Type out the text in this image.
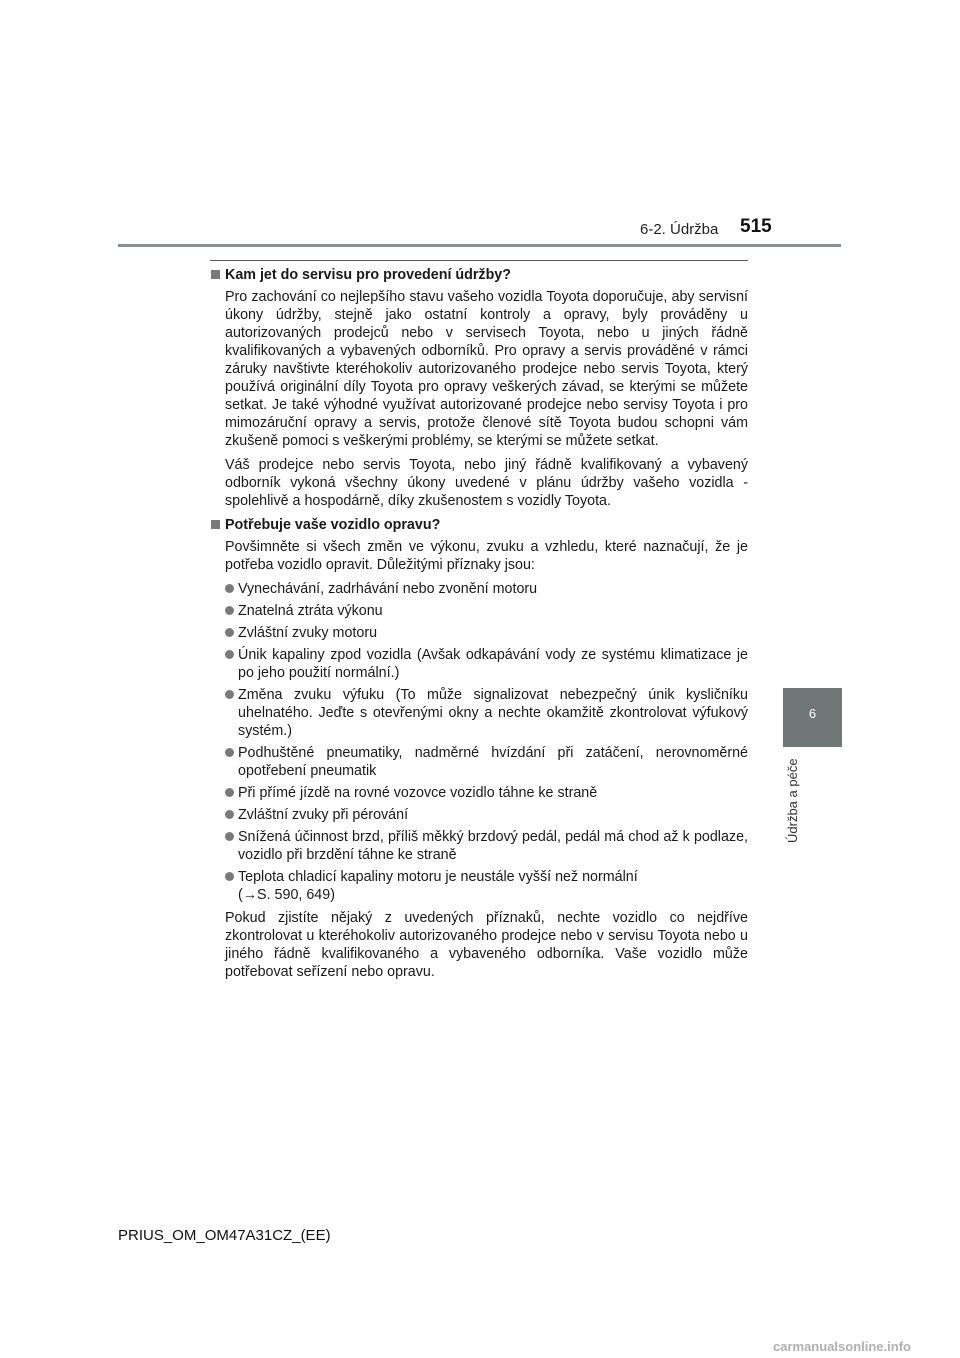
6-2. Údržba 515
6
Údržba a péče
Kam jet do servisu pro provedení údržby?

Pro zachování co nejlepšího stavu vašeho vozidla Toyota doporučuje, aby servisní úkony údržby, stejně jako ostatní kontroly a opravy, byly prováděny u autorizovaných prodejců nebo v servisech Toyota, nebo u jiných řádně kvalifikovaných a vybavených odborníků. Pro opravy a servis prováděné v rámci záruky navštivte kteréhokoliv autorizovaného prodejce nebo servis Toyota, který používá originální díly Toyota pro opravy veškerých závad, se kterými se můžete setkat. Je také výhodné využívat autorizované prodejce nebo servisy Toyota i pro mimozáruční opravy a servis, protože členové sítě Toyota budou schopni vám zkušeně pomoci s veškerými problémy, se kterými se můžete setkat.

Váš prodejce nebo servis Toyota, nebo jiný řádně kvalifikovaný a vybavený odborník vykoná všechny úkony uvedené v plánu údržby vašeho vozidla - spolehlivě a hospodárně, díky zkušenostem s vozidly Toyota.

Potřebuje vaše vozidlo opravu?

Povšimněte si všech změn ve výkonu, zvuku a vzhledu, které naznačují, že je potřeba vozidlo opravit. Důležitými příznaky jsou:

Vynechávání, zadrhávání nebo zvonění motoru
Znatelná ztráta výkonu
Zvláštní zvuky motoru
Únik kapaliny zpod vozidla (Avšak odkapávání vody ze systému klimatizace je po jeho použití normální.)
Změna zvuku výfuku (To může signalizovat nebezpečný únik kysličníku uhelnatého. Jeďte s otevřenými okny a nechte okamžitě zkontrolovat výfukový systém.)
Podhuštěné pneumatiky, nadměrné hvízdání při zatáčení, nerovnoměrné opotřebení pneumatik
Při přímé jízdě na rovné vozovce vozidlo táhne ke straně
Zvláštní zvuky při pérování
Snížená účinnost brzd, příliš měkký brzdový pedál, pedál má chod až k podlaze, vozidlo při brzdění táhne ke straně
Teplota chladicí kapaliny motoru je neustále vyšší než normální
(→S. 590, 649)

Pokud zjistíte nějaký z uvedených příznaků, nechte vozidlo co nejdříve zkontrolovat u kteréhokoliv autorizovaného prodejce nebo v servisu Toyota nebo u jiného řádně kvalifikovaného a vybaveného odborníka. Vaše vozidlo může potřebovat seřízení nebo opravu.

PRIUS_OM_OM47A31CZ_(EE)
carmanualsonline.info
